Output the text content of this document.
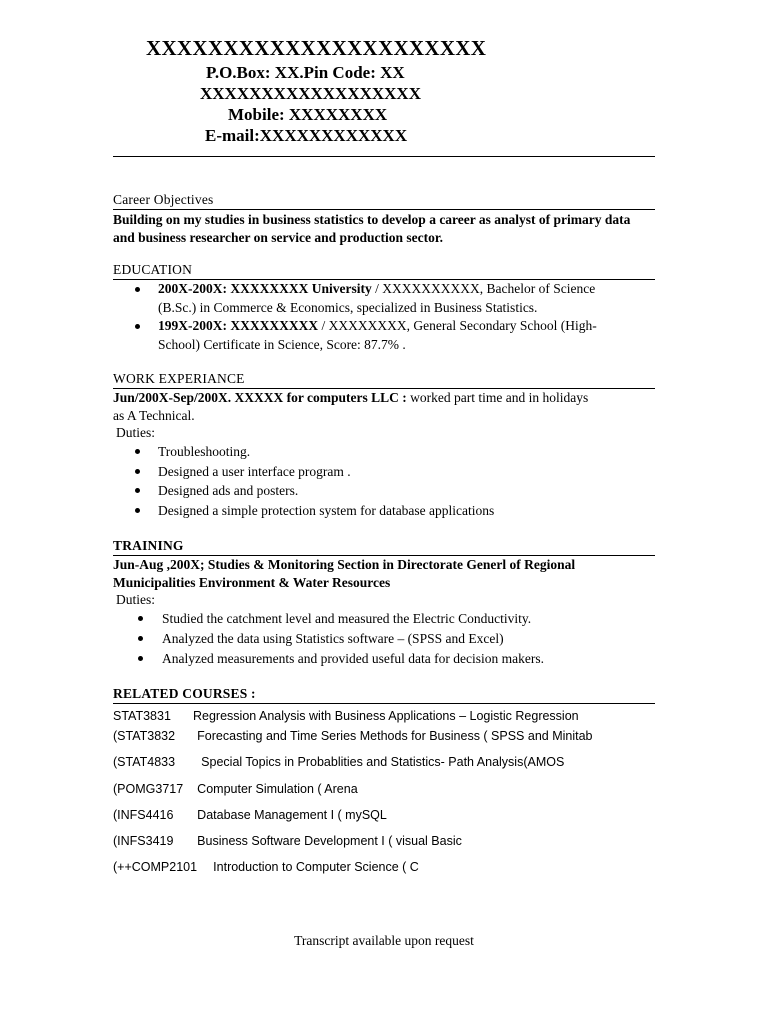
XXXXXXXXXXXXXXXXXXXXXX
P.O.Box: XX.Pin Code: XX
XXXXXXXXXXXXXXXXXX
Mobile: XXXXXXXX
E-mail:XXXXXXXXXXXX
Career Objectives
Building on my studies in business statistics to develop a career as analyst of primary data and business researcher on service and production sector.
EDUCATION
200X-200X: XXXXXXXX University / XXXXXXXXXX, Bachelor of Science
(B.Sc.) in Commerce & Economics, specialized in Business Statistics.
199X-200X: XXXXXXXXX / XXXXXXXX, General Secondary School (High-
School) Certificate in Science, Score: 87.7% .
WORK EXPERIANCE
Jun/200X-Sep/200X. XXXXX for computers LLC : worked part time and in holidays
as A Technical.
Duties:
Troubleshooting.
Designed a user interface program .
Designed ads and posters.
Designed a simple protection system for database applications
TRAINING
Jun-Aug ,200X; Studies & Monitoring Section in Directorate Generl of Regional
Municipalities Environment & Water Resources
Duties:
Studied the catchment level and measured the Electric Conductivity.
Analyzed the data using Statistics software – (SPSS and Excel)
Analyzed measurements and provided useful data for decision makers.
RELATED COURSES :
STAT3831 Regression Analysis with Business Applications – Logistic Regression
(STAT3832 Forecasting and Time Series Methods for Business ( SPSS and Minitab
(STAT4833 Special Topics in Probablities and Statistics- Path Analysis(AMOS
(POMG3717 Computer Simulation ( Arena
(INFS4416 Database Management I ( mySQL
(INFS3419 Business Software Development I ( visual Basic
(++COMP2101 Introduction to Computer Science ( C
Transcript available upon request
